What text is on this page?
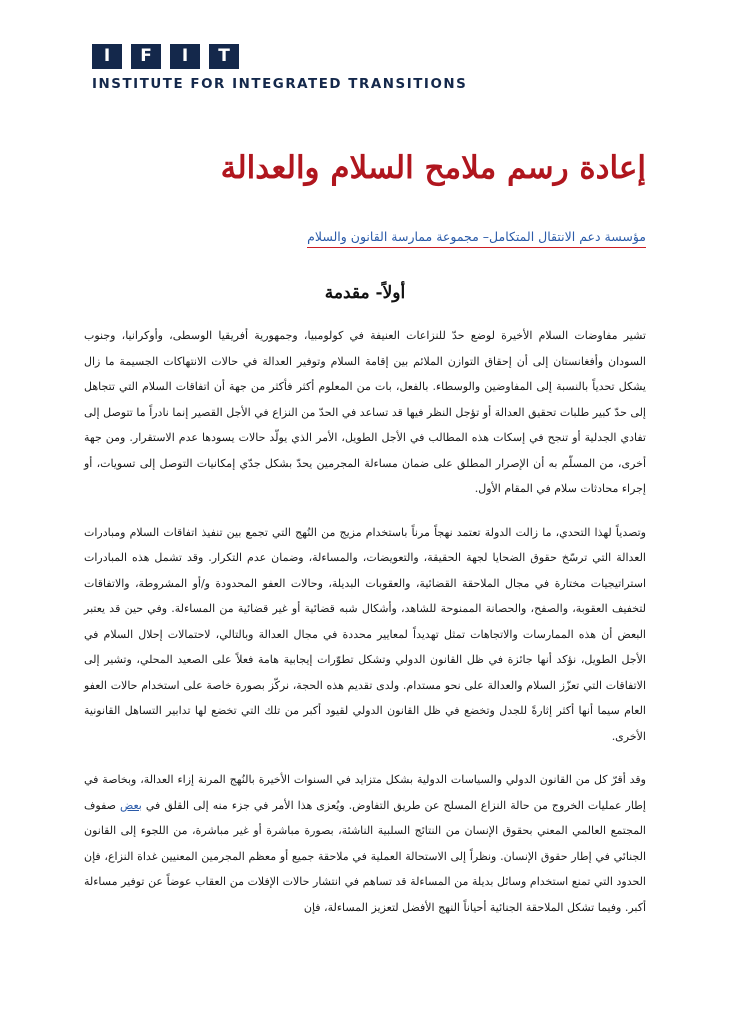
I	F	I	T
INSTITUTE FOR INTEGRATED TRANSITIONS
إعادة رسم ملامح السلام والعدالة
مؤسسة دعم الانتقال المتكامل– مجموعة ممارسة القانون والسلام
أولاً- مقدمة

تشير مفاوضات السلام الأخيرة لوضع حدّ للنزاعات العنيفة في كولومبيا، وجمهورية أفريقيا الوسطى، وأوكرانيا، وجنوب السودان وأفغانستان إلى أن إحقاق التوازن الملائم بين إقامة السلام وتوفير العدالة في حالات الانتهاكات الجسيمة ما زال يشكل تحدياً بالنسبة إلى المفاوضين والوسطاء. بالفعل، بات من المعلوم أكثر فأكثر من جهة أن اتفاقات السلام التي تتجاهل إلى حدّ كبير طلبات تحقيق العدالة أو تؤجل النظر فيها قد تساعد في الحدّ من النزاع في الأجل القصير إنما نادراً ما تتوصل إلى تفادي الجدلية أو تنجح في إسكات هذه المطالب في الأجل الطويل، الأمر الذي يولّد حالات يسودها عدم الاستقرار. ومن جهة أخرى، من المسلّم به أن الإصرار المطلق على ضمان مساءلة المجرمين يحدّ بشكل جدّي إمكانيات التوصل إلى تسويات، أو إجراء محادثات سلام في المقام الأول.

وتصدياً لهذا التحدي، ما زالت الدولة تعتمد نهجاً مرناً باستخدام مزيج من النُهج التي تجمع بين تنفيذ اتفاقات السلام ومبادرات العدالة التي ترسّخ حقوق الضحايا لجهة الحقيقة، والتعويضات، والمساءلة، وضمان عدم التكرار. وقد تشمل هذه المبادرات استراتيجيات مختارة في مجال الملاحقة القضائية، والعقوبات البديلة، وحالات العفو المحدودة و/أو المشروطة، والاتفاقات لتخفيف العقوبة، والصفح، والحصانة الممنوحة للشاهد، وأشكال شبه قضائية أو غير قضائية من المساءلة. وفي حين قد يعتبر البعض أن هذه الممارسات والاتجاهات تمثل تهديداً لمعايير محددة في مجال العدالة وبالتالي، لاحتمالات إحلال السلام في الأجل الطويل، نؤكد أنها جائزة في ظل القانون الدولي وتشكل تطوّرات إيجابية هامة فعلاً على الصعيد المحلي، وتشير إلى الاتفاقات التي تعزّز السلام والعدالة على نحو مستدام. ولدى تقديم هذه الحجة، نركّز بصورة خاصة على استخدام حالات العفو العام سيما أنها أكثر إثارةً للجدل وتخضع في ظل القانون الدولي لقيود أكبر من تلك التي تخضع لها تدابير التساهل القانونية الأخرى.

وقد أقرّ كل من القانون الدولي والسياسات الدولية بشكل متزايد في السنوات الأخيرة بالنُهج المرنة إزاء العدالة، وبخاصة في إطار عمليات الخروج من حالة النزاع المسلح عن طريق التفاوض. ويُعزى هذا الأمر في جزء منه إلى القلق في بعض صفوف المجتمع العالمي المعني بحقوق الإنسان من النتائج السلبية الناشئة، بصورة مباشرة أو غير مباشرة، من اللجوء إلى القانون الجنائي في إطار حقوق الإنسان. ونظراً إلى الاستحالة العملية في ملاحقة جميع أو معظم المجرمين المعنيين غداة النزاع، فإن الحدود التي تمنع استخدام وسائل بديلة من المساءلة قد تساهم في انتشار حالات الإفلات من العقاب عوضاً عن توفير مساءلة أكبر. وفيما تشكل الملاحقة الجنائية أحياناً النهج الأفضل لتعزيز المساءلة، فإن
